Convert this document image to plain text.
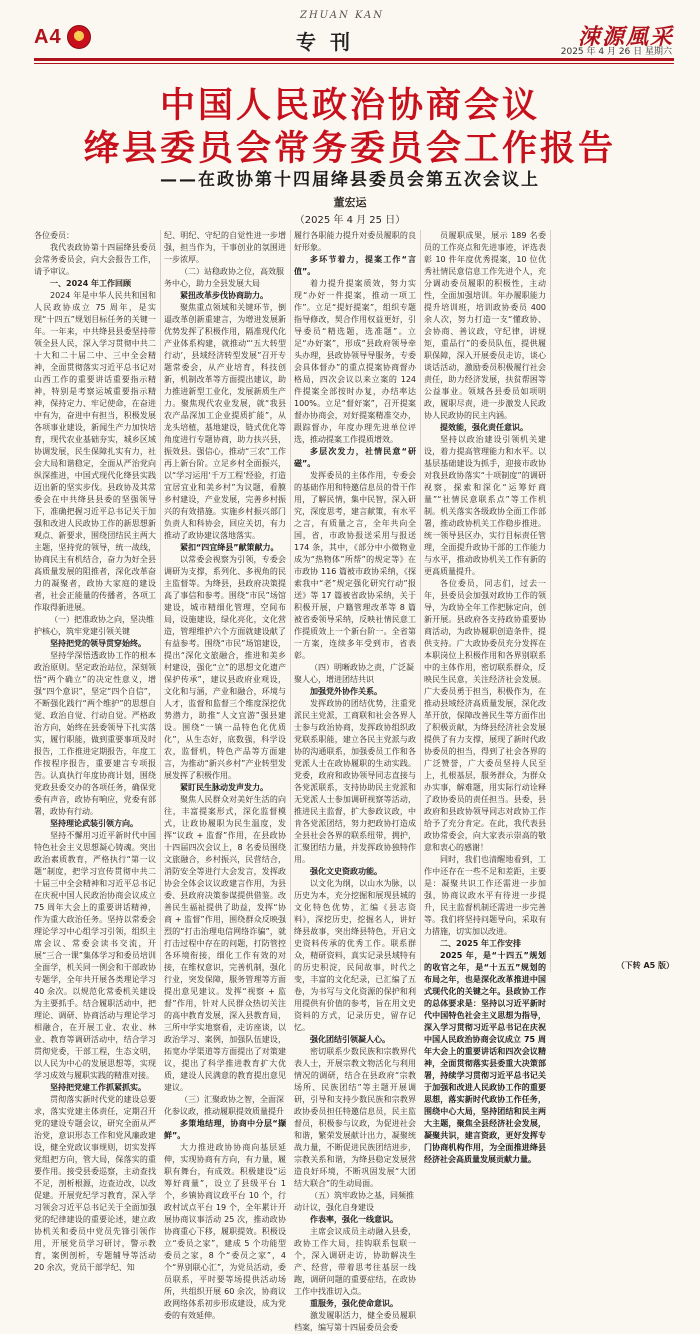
A4
★
ZHUAN KAN
专刊	涑源風采
2025 年 4 月 26 日 星期六
中国人民政治协商会议
绛县委员会常务委员会工作报告
——在政协第十四届绛县委员会第五次会议上
董宏运
（2025 年 4 月 25 日）

各位委员：

我代表政协第十四届绛县委员会常务委员会，向大会报告工作，请予审议。

一、2024 年工作回顾

2024 年是中华人民共和国和人民政协成立 75 周年，是实现“十四五”规划目标任务的关键一年。一年来，中共绛县县委坚持带领全县人民，深入学习贯彻中共二十大和二十届二中、三中全会精神，全面贯彻落实习近平总书记对山西工作的重要讲话重要指示精神，特别是考察运城重要指示精神，保持定力、牢记使命，在奋进中有为，奋进中有担当，积极发展各项事业建设，新闻生产力加快培育，现代农业基础夯实，城乡区域协调发展，民生保障扎实有力，社会大局和谐稳定，全面从严治党向纵深推进，中国式现代化绛县实践迈出新的坚实步伐。县政协及其常委会在中共绛县县委的坚强领导下，准确把握习近平总书记关于加强和改进人民政协工作的新思想新观点、新要求，围绕団结民主两大主题，坚持党的领导，统一战线，协商民主有机结合，奋力为好全县高质量发展的阻推者，深化改革奋力的凝聚者，政协大家庭的建设者，社会正能量的传播者，各项工作取得新进展。

（一）把准政协之向，坚决维护核心，筑牢党建引领关键

坚持把党的领导贯穿始终。

坚持学深悟透政协工作的根本政治原则。坚定政治站位，深刻领悟“两个确立”的决定性意义，增强“四个意识”，坚定“四个自信”，不断强化践行“两个维护”的思想自觉、政治自觉、行动自觉。严格政治方向，始终在县委领导下扎实落实，履行职能，做到重要事项及时报告，工作推进定期报告，年度工作按程序报告，重要建言专项报告。认真执行年度协商计划，围绕党政县委交办的各项任务，确保党委有声音，政协有响应，党委有部署，政协有行动。

坚持理论武装引领方向。

坚持不懈用习近平新时代中国特色社会主义思想凝心铸魂。突出政治素质教育，严格执行“第一议题”制度，把学习宣传贯彻中共二十届三中全会精神和习近平总书记在庆祝中国人民政治协商会议成立 75 周年大会上的重要讲话精神，作为重大政治任务。坚持以常委会理论学习中心组学习引领，组织主席会议、常委会读书交流，开展“三合一课”集体学习和委员培训全面学，机关同一例会和干部政协专题学，全年共开展各类理论学习 40 余次。以规范化常委机关建设为主要抓手。结合履职活动中，把理论、调研、协商活动与理论学习相融合，在开展工业、农业、林业、教育等调研活动中，结合学习贯彻党委，干部工程，生态文明，以人民为中心的发展思想等，实现学习成效与履职实践的精准对接。

坚持把党建工作抓紧抓实。

贯彻落实新时代党的建设总要求，落实党建主体责任，定期召开党的建设专题会议，研究全面从严治党，意识形态工作和党风廉政建设，健全党政议事规则，切实发挥党组把方向，管大局，保落实的重要作用。接受县委巡察，主动查找不足，剖析根源，边查边改，以改促建。开展党纪学习教育，深入学习领会习近平总书记关于全面加强党的纪律建设的重要论述，建立政协机关和委员中党员先锋引领作用，开展党员学习研讨，警示教育，案例剖析，专题辅导等活动 20 余次，党员干部学纪、知

纪、明纪、守纪的自觉性进一步增强，担当作为，干事创业的氛围进一步浓厚。

（二）站稳政协之位，高效服务中心，助力全县发展大局

紧扭改革步伐协商助力。

聚焦重点领域和关键环节，倒逼改革创新重建言，为增进发展新优势发挥了积极作用，隔准现代化产业体系构建，就推动“‘五大转型行动’，县域经济转型发展”召开专题常委会，从产业培育，科技创新，机制改革等方面提出建议，助力推进新型工业化，发展新质生产力。聚焦现代农业发展，就“我县农产品深加工企业提质扩能”，从龙头培植，基地建设，链式优化等角度进行专题协商，助力扶兴县，振效县。强信心，推动“三农”工作再上新台阶。立足乡村全面振兴，以“学习运用‘千万工程’经验，打造宜居宜业和美乡村”为议题，看膜乡村建设，产业发展，完善乡村振兴的有效措施。实施乡村振兴部门负责人和科协会，回应关切，有力推动了政协建议落地落实。

紧扣“四宜绛县”献策献力。

以常委会视察为引领，专委会调研为支撑，系列化、多视角的民主监督等。为绛县，县政府决策提高了事信和参考。围绕“市民”场馆建设，城市精细化管理，空间布局，设施建设，绿化亮化，文化营造，管理维护六个方面就建设献了有益参考。围绕“市民”场馆建设，提出“深化文旅融合，推进和美乡村建设，强化“立”的思想文化遗产保护传承”，建议县政府业观设，文化和与涵，产业和融合，环境与人才，监督和监督三个维度深挖优势潜力，助推“人文宜游”强县建设。围绕“一镇一品特色化优质化”，从生态好，底数强，科学设农，监督机，特色产品等方面建言，为推动“新兴乡村”产业转型发展发挥了积极作用。

紧盯民生脉动发声发力。

聚焦人民群众对美好生活的向往，丰富提案形式，深化监督模式，让政协履职为民生温度，发挥“议政 + 监督”作用，在县政协十四届四次会议上，8 名委员围绕文旅融合，乡村振兴，民营结合，消防安全等进行大会发言，发挥政协会全体会议议政建言作用，为县委、县政府决策参谋提供借鉴。改善民生福祉提供了助益，发挥“协商 + 监督”作用，围绕群众反映强烈的“打击治理电信网络诈骗”，就打击过程中存在的问题，打防管控各环境衔接，细化工作有效的对接，在维权意识，完善机制，强化行业，突发保障，服务管理等方面提出意见建议。发挥“视察 + 监督”作用，针对人民群众热切关注的高中教育发展，深入县教育局，三所中学实地察看，走访座谈，以政治学习、案例，加强队伍建设，拓宽办学渠道等方面提出了对策建议，提出了科学推进教育扩大优质，建设人民满意的教育提出意见建议。

（三）汇聚政协之智，全面深化参议政，推动履职提效质量提升

多策地结理，协商中分层“撷鲜”。

大力推进政协协商向基层延伸，实现协商有方向，有力量，履职有舞台，有成效。积极建设“运筹好商量”，设立了县级平台 1 个，乡镇协商议政平台 10 个，行政村试点平台 19 个，全年累计开展协商议事活动 25 次，推动政协协商重心下移，履职提效。积极设立“委员之家”，建成 5 个功能型委员之家，8 个“委员之家”，4 个“界别联心汇”，为党员活动，委员联系，平时要等场提供活动场所，共组织开展 60 余次，协商议政网络体系初步形成建设，成为党委的有效延伸。

履行各职能力提升对委员履职的良好形象。

多环节着力，提案工作“言值”。

着力提升提案质效，努力实现“办好一件提案，推动一项工作”。立足“提好提案”，组织专题指导修改，契合作用权益更好，引导委员“精选题，选准题”。立足“办好案”，形成“县政府领导牵头办理，县政协领导导服务，专委会具体督办”的重点提案协商督办格局，四次会议以来立案的 124 件提案全部按时办复，办结率达 100%。立足“督好案”，召开提案督办协商会，对好提案精准交办，跟踪督办，年度办理先进单位评选，推动提案工作提质增效。

多层次发力，社情民意“研磁”。

发挥委员的主体作用，专委会的基础作用和特邀信息员的骨干作用，了解民情，集中民智，深入研究，深度思考，建言献策，有水平之言，有质量之言，全年共向全国，省，市政协报送采用与报送 174 条，其中，《部分中小微物业成为“热物体”所帮”的规定等》在市政协 116 篇被市政协采纳，《探索我中“老”规定强化研究行动”报送》等 17 篇被省政协采纳，关于积极开展，户籍管理改革等 8 篇被省委领导采纳，反映社情民意工作提质效上一个新台阶一。全省第一方案，连续多年受到市，省表彰。

（四）明晰政协之责，广泛凝聚人心，增进团结共识

加强党外协作关系。

发挥政协的团结优势，注重党派民主党派，工商联和社会各界人士参与政治协商，发挥政协组织政党联系职能，建立各民主党派与政协的沟通联系，加强委员工作和各党派人士在政协履职的生动实践。党委，政府和政协领导同志直接与各党派联系，支持协助民主党派和无党派人士参加调研视察等活动，推进民主监督，扩大参政议政，中肯各党派团结，努力把政协打造成全县社会各界的联系纽带，拥护，汇聚团结力量，并发挥政协独特作用。

强化文史资政功能。

以文化为纲，以山水为脉，以历史为本，充分挖掘和展现县城的文化特色优势，汇编《县志资料》，深挖历史，挖掘名人，讲好绛县故事，突出绛县特色，开启文史资料传承的优秀工作。联系群众，精研资料，真实记录县域特有的历史积淀，民间故事，时代之变，丰富的文化纪录，已汇编了五卷，为书写与文化资源的保护和利用提供有价值的参考，旨在用文史资料的方式，记录历史，留存记忆。

强化团结引领凝人心。

密切联系少数民族和宗教界代表人士，开展宗教文物活化与利用情况的调研，结合在县政府“宗教场所、民族团结”等主题开展调研，引导和支持少数民族和宗教界政协委员担任特邀信息员，民主监督员，积极参与议政，为促进社会和谐，繁荣发展献计出力，凝聚统战力量，不断促进民族团结进步，宗教关系和谐，为绛县稳定发展营造良好环境，不断巩固发展“大团结大联合”的生动局面。

（五）筑牢政协之基，同频推动计议，强化自身建设

作表率，强化一线意识。

主席会议成员主动融入县委，政协工作大局，挂钩联系包联一个，深入调研走访，协助解决生产、经营，带着思考往基层一线跑，调研问题的重要症结，在政协工作中找准切入点。

重服务，强化使命意识。

激发履职活力，健全委员履职档案，编写第十四届委员会委

员履职成果，展示 189 名委员的工作亮点和先进事迹，评选表彰 10 件年度优秀提案，10 位优秀社情民意信息工作先进个人，充分调动委员履职的积极性，主动性，全面加强培训。年办履职能力提升培训班，培训政协委员 400 余人次，努力打造一支“懂政协、会协商、善议政，守纪律，讲规矩，重品行”的委员队伍，提供履职保障，深入开展委员走访，谈心谈话活动，激励委员积极履行社会责任，助力经济发展，扶贫帮困等公益事业。领域各县委员如项明政，履职尽责，进一步激发人民政协人民政协的民主内涵。

提效能，强化责任意识。

坚持以政治建设引领机关建设，着力提高管理能力和水平。以基层基础建设为抓手，迎接市政协对我县政协落实“十项制度”的调研视察，探索和深化“运筹好商量”“社情民意联系点”等工作机制。机关落实各级政协全面工作部署，推动政协机关工作稳步推进。统一领导县区办，实行目标责任管理，全面提升政协干部的工作能力与水平，推动政协机关工作有新的更高质量提升。

各位委员，同志们，过去一年，县委员会加强对政协工作的领导，为政协全年工作把脉定向，创新开展。县政府各支持政协重要协商活动，为政协履职创造条件，提供支持。广大政协委员充分发挥在本职岗位上积极作用和各界别联系中的主体作用，密切联系群众，反映民生民意，关注经济社会发展。广大委员勇于担当，积极作为，在推动县域经济高质量发展，深化改革开放，保障改善民生等方面作出了积极贡献，为绛县经济社会发展提供了有力支撑，展现了新时代政协委员的担当，得到了社会各界的广泛赞誉，广大委员坚持人民至上，扎根基层，服务群众，为群众办实事，解难题，用实际行动诠释了政协委员的责任担当。县委，县政府和县政协领导同志对政协工作给予了充分肯定。在此，我代表县政协常委会，向大家表示崇高的敬意和衷心的感谢！

同时，我们也清醒地看到，工作中还存在一些不足和差距，主要是：凝聚共识工作还需进一步加强，协商议政水平有待进一步提升，民主监督机制还需进一步完善等。我们将坚持问题导向，采取有力措施，切实加以改进。

二、2025 年工作安排

2025 年，是“十四五”规划的收官之年，是“十五五”规划的布局之年，也是深化改革推进中国式现代化的关键之年。县政协工作的总体要求是：坚持以习近平新时代中国特色社会主义思想为指导，深入学习贯彻习近平总书记在庆祝中国人民政治协商会议成立 75 周年大会上的重要讲话和四次会议精神，全面贯彻落实县委重大决策部署，持续学习贯彻习近平总书记关于加强和改进人民政协工作的重要思想，落实新时代政协工作任务，围绕中心大局，坚持团结和民主两大主题，聚焦全县经济社会发展，凝聚共识，建言资政，更好发挥专门协商机构作用，为全面推进绛县经济社会高质量发展贡献力量。

（下转 A5 版）
